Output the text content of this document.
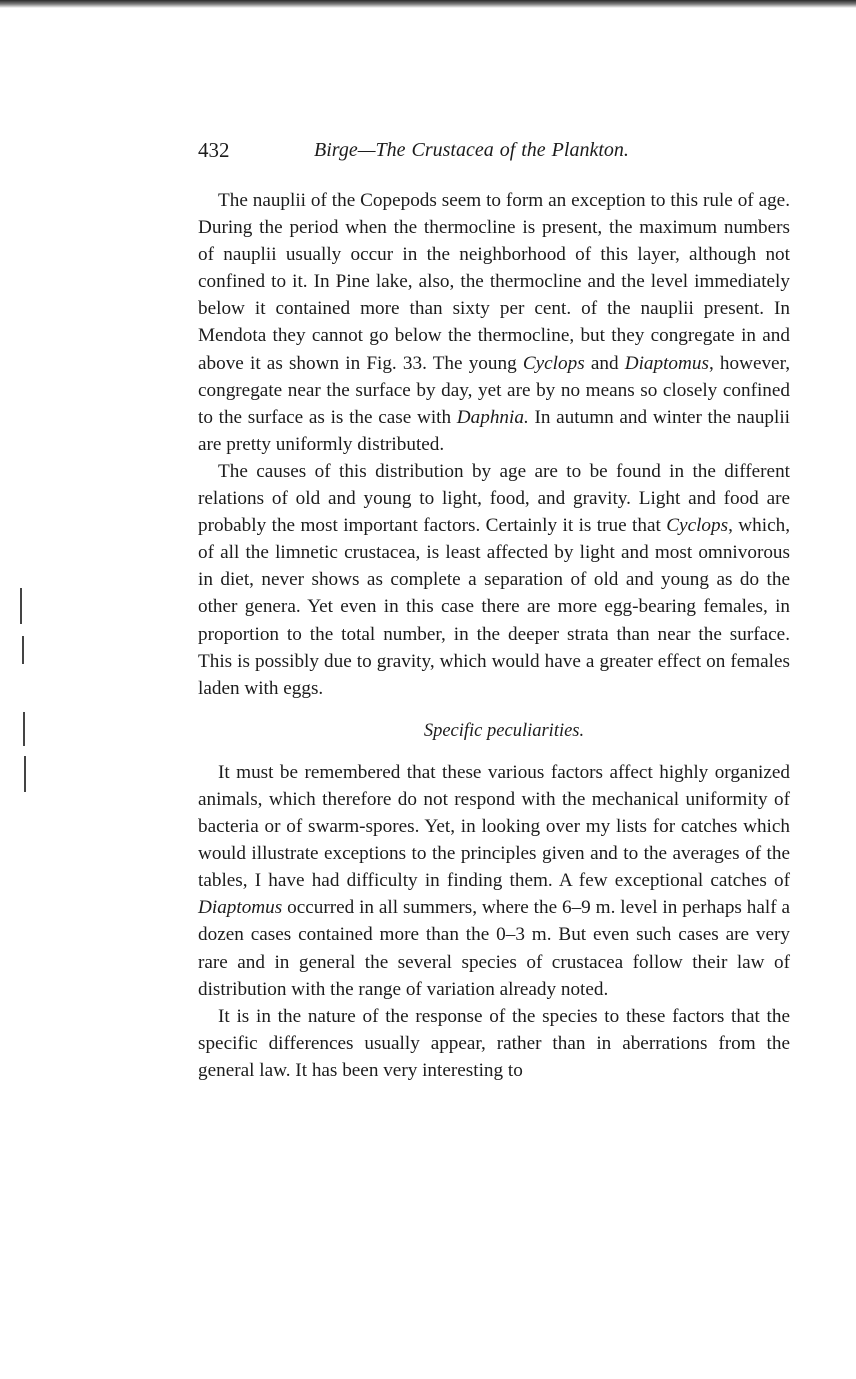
432	Birge—The Crustacea of the Plankton.

The nauplii of the Copepods seem to form an exception to this rule of age. During the period when the thermocline is present, the maximum numbers of nauplii usually occur in the neighborhood of this layer, although not confined to it. In Pine lake, also, the thermocline and the level immediately below it contained more than sixty per cent. of the nauplii present. In Mendota they cannot go below the thermocline, but they congregate in and above it as shown in Fig. 33. The young Cyclops and Diaptomus, however, congregate near the surface by day, yet are by no means so closely confined to the surface as is the case with Daphnia. In autumn and winter the nauplii are pretty uniformly distributed.

The causes of this distribution by age are to be found in the different relations of old and young to light, food, and gravity. Light and food are probably the most important factors. Certainly it is true that Cyclops, which, of all the limnetic crustacea, is least affected by light and most omnivorous in diet, never shows as complete a separation of old and young as do the other genera. Yet even in this case there are more egg-bearing females, in proportion to the total number, in the deeper strata than near the surface. This is possibly due to gravity, which would have a greater effect on females laden with eggs.

Specific peculiarities.

It must be remembered that these various factors affect highly organized animals, which therefore do not respond with the mechanical uniformity of bacteria or of swarm-spores. Yet, in looking over my lists for catches which would illustrate exceptions to the principles given and to the averages of the tables, I have had difficulty in finding them. A few exceptional catches of Diaptomus occurred in all summers, where the 6–9 m. level in perhaps half a dozen cases contained more than the 0–3 m. But even such cases are very rare and in general the several species of crustacea follow their law of distribution with the range of variation already noted.

It is in the nature of the response of the species to these factors that the specific differences usually appear, rather than in aberrations from the general law. It has been very interesting to
